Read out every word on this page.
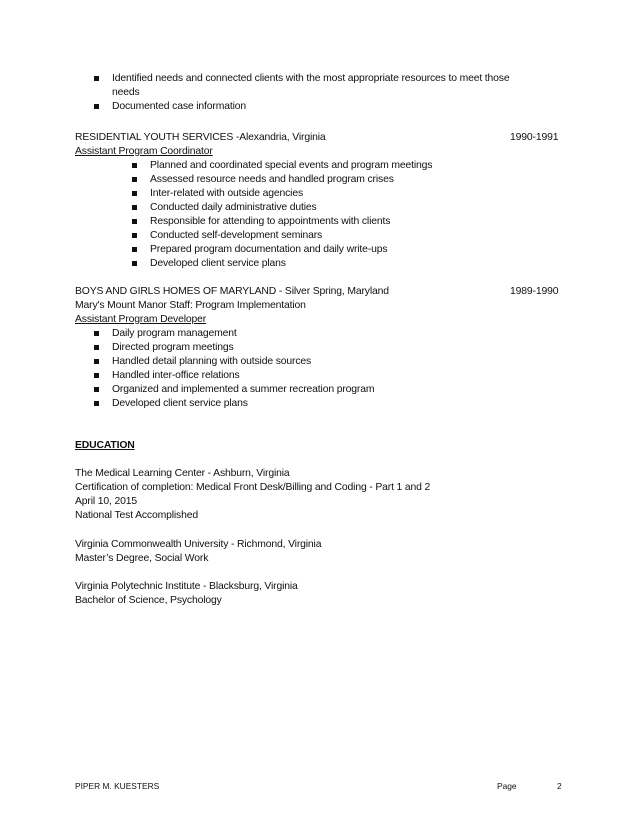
Identified needs and connected clients with the most appropriate resources to meet those
needs
Documented case information
RESIDENTIAL YOUTH SERVICES -Alexandria, Virginia	1990-1991
Assistant Program Coordinator
Planned and coordinated special events and program meetings
Assessed resource needs and handled program crises
Inter-related with outside agencies
Conducted daily administrative duties
Responsible for attending to appointments with clients
Conducted self-development seminars
Prepared program documentation and daily write-ups
Developed client service plans
BOYS AND GIRLS HOMES OF MARYLAND - Silver Spring, Maryland	1989-1990
Mary's Mount Manor Staff: Program Implementation
Assistant Program Developer
Daily program management
Directed program meetings
Handled detail planning with outside sources
Handled inter-office relations
Organized and implemented a summer recreation program
Developed client service plans
EDUCATION
The Medical Learning Center - Ashburn, Virginia
Certification of completion: Medical Front Desk/Billing and Coding - Part 1 and 2
April 10, 2015
National Test Accomplished
Virginia Commonwealth University - Richmond, Virginia
Master’s Degree, Social Work
Virginia Polytechnic Institute - Blacksburg, Virginia
Bachelor of Science, Psychology
PIPER M. KUESTERS	Page	2
